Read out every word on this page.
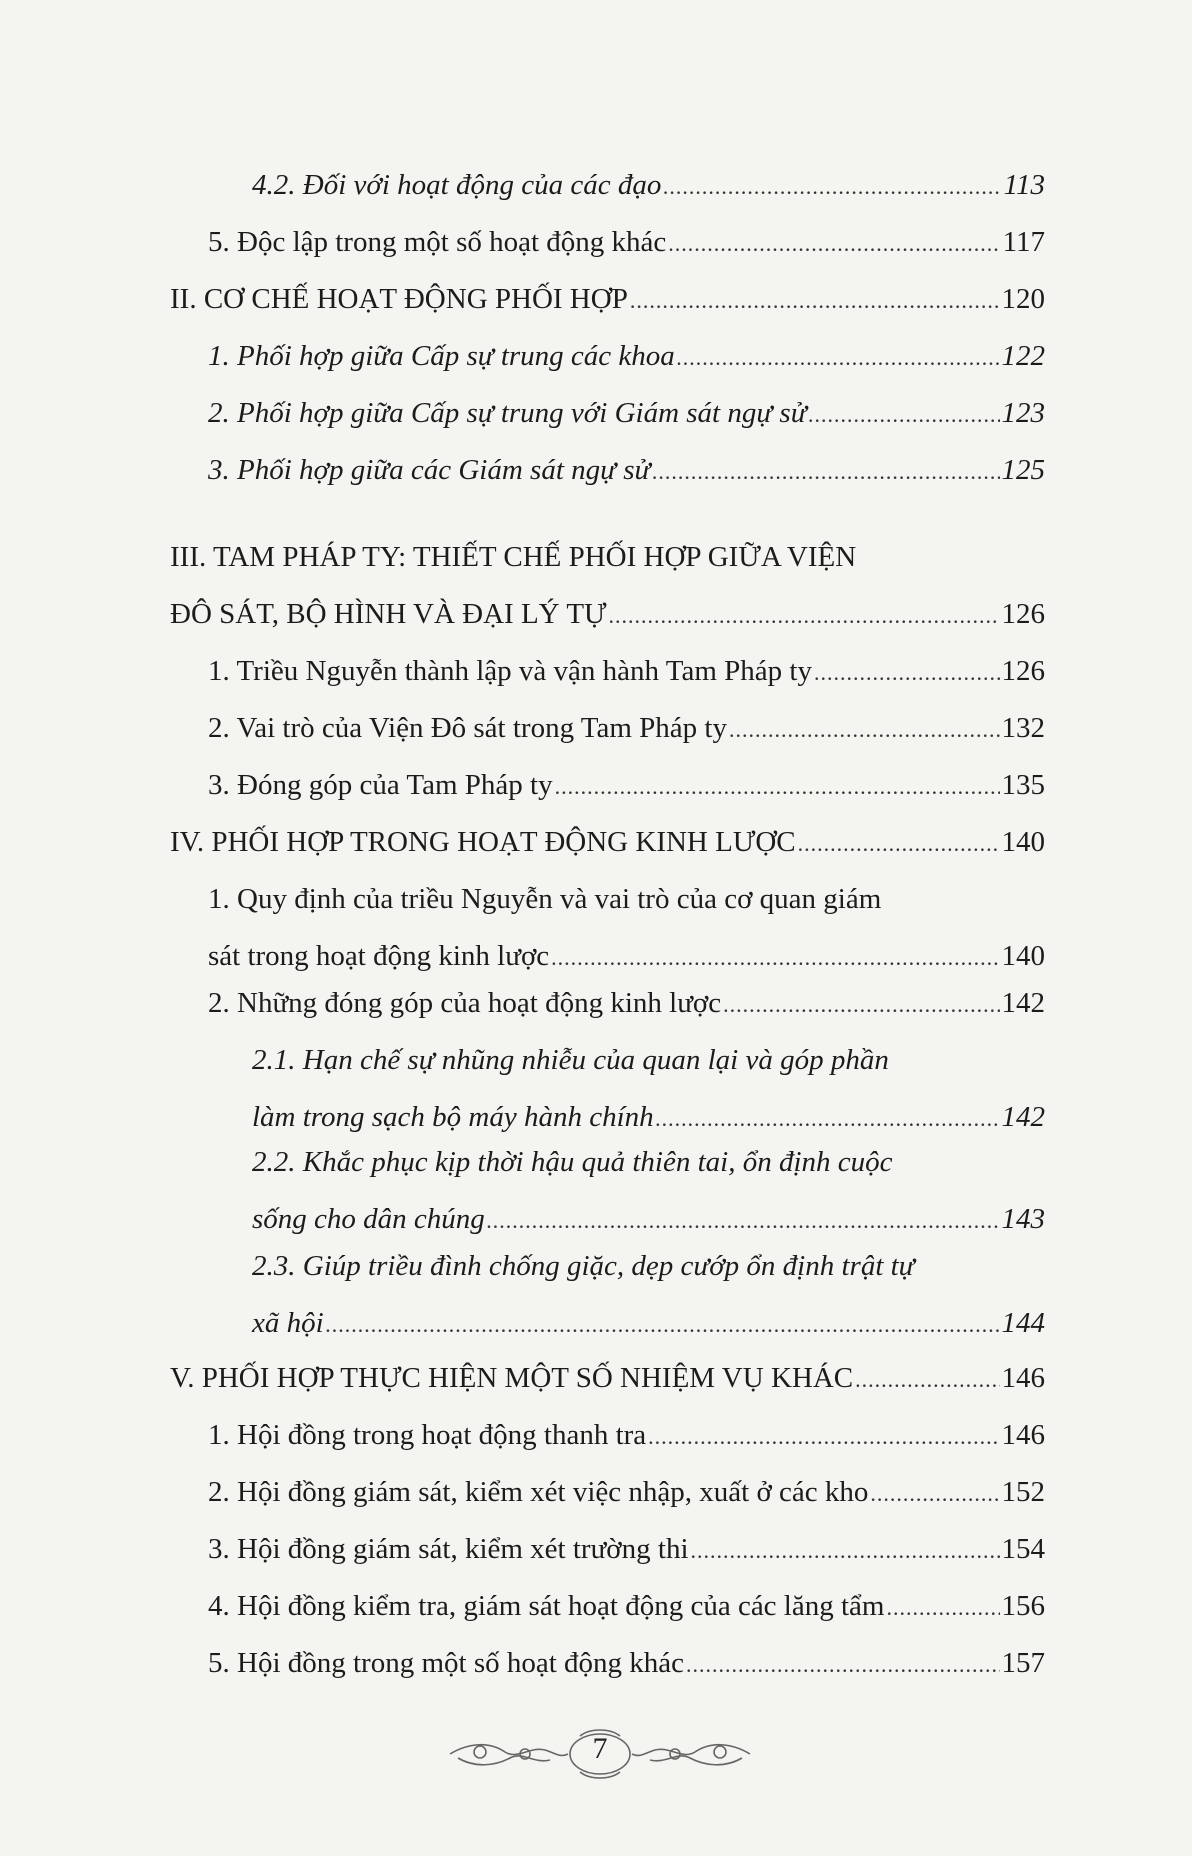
4.2. Đối với hoạt động của các đạo .....	113
5. Độc lập trong một số hoạt động khác .....	117
II. CƠ CHẾ HOẠT ĐỘNG PHỐI HỢP .....	120
1. Phối hợp giữa Cấp sự trung các khoa .....	122
2. Phối hợp giữa Cấp sự trung với Giám sát ngự sử .....	123
3. Phối hợp giữa các Giám sát ngự sử .....	125
III. TAM PHÁP TY: THIẾT CHẾ PHỐI HỢP GIỮA VIỆN
ĐÔ SÁT, BỘ HÌNH VÀ ĐẠI LÝ TỰ .....	126
1. Triều Nguyễn thành lập và vận hành Tam Pháp ty .....	126
2. Vai trò của Viện Đô sát trong Tam Pháp ty .....	132
3. Đóng góp của Tam Pháp ty .....	135
IV. PHỐI HỢP TRONG HOẠT ĐỘNG KINH LƯỢC .....	140
1. Quy định của triều Nguyễn và vai trò của cơ quan giám
sát trong hoạt động kinh lược .....	140
2. Những đóng góp của hoạt động kinh lược .....	142
2.1. Hạn chế sự nhũng nhiễu của quan lại và góp phần
làm trong sạch bộ máy hành chính .....	142
2.2. Khắc phục kịp thời hậu quả thiên tai, ổn định cuộc
sống cho dân chúng .....	143
2.3. Giúp triều đình chống giặc, dẹp cướp ổn định trật tự
xã hội .....	144
V. PHỐI HỢP THỰC HIỆN MỘT SỐ NHIỆM VỤ KHÁC .....	146
1. Hội đồng trong hoạt động thanh tra .....	146
2. Hội đồng giám sát, kiểm xét việc nhập, xuất ở các kho .....	152
3. Hội đồng giám sát, kiểm xét trường thi .....	154
4. Hội đồng kiểm tra, giám sát hoạt động của các lăng tẩm .....	156
5. Hội đồng trong một số hoạt động khác .....	157
7
